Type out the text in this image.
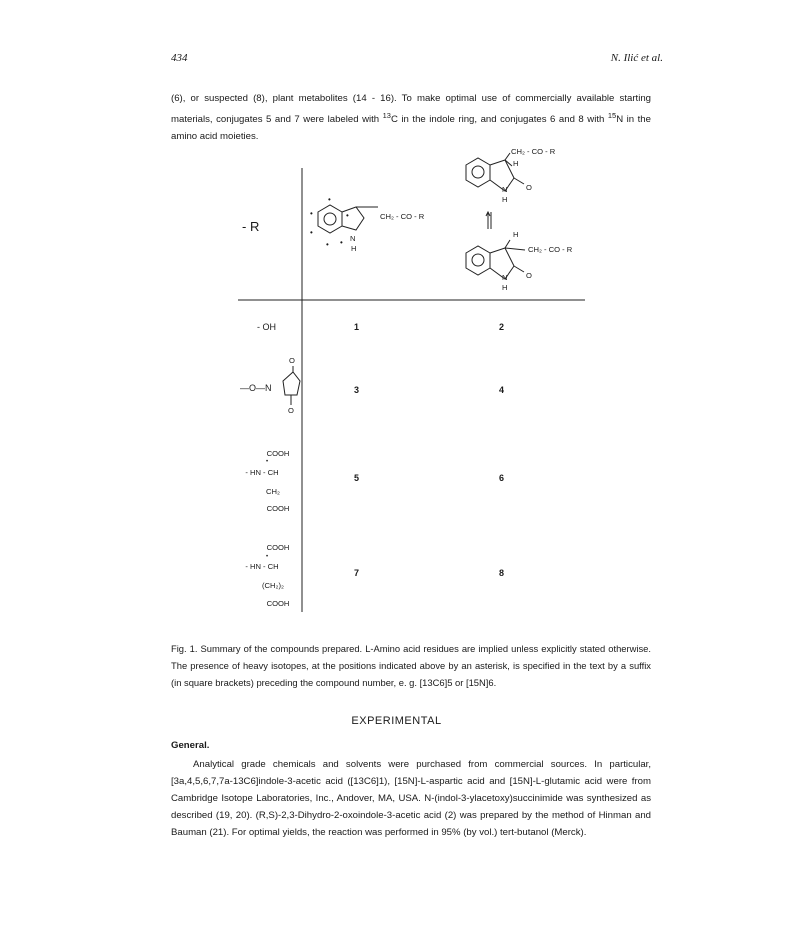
434	N. Ilić et al.

(6), or suspected (8), plant metabolites (14 - 16). To make optimal use of commercially available starting materials, conjugates 5 and 7 were labeled with $^{13}$C in the indole ring, and conjugates 6 and 8 with $^{15}$N in the amino acid moieties.

•
•
•
• •
•
- R
CH₂ - CO - R
N
H
CH₂ - CO - R
H
N
H
O
H
CH₂ - CO - R
N
H
O
- OH	1	2
O
—O—N
O
3	4
COOH
•
- HN - CH
CH₂
COOH
5	6
COOH
•
- HN - CH
(CH₂)₂
COOH
7	8
Fig. 1. Summary of the compounds prepared. L-Amino acid residues are implied unless explicitly stated otherwise. The presence of heavy isotopes, at the positions indicated above by an asterisk, is specified in the text by a suffix (in square brackets) preceding the compound number, e. g. [13C6]5 or [15N]6.
EXPERIMENTAL
General.
Analytical grade chemicals and solvents were purchased from commercial sources. In particular, [3a,4,5,6,7,7a-13C6]indole-3-acetic acid ([13C6]1), [15N]-L-aspartic acid and [15N]-L-glutamic acid were from Cambridge Isotope Laboratories, Inc., Andover, MA, USA. N-(indol-3-ylacetoxy)succinimide was synthesized as described (19, 20). (R,S)-2,3-Dihydro-2-oxoindole-3-acetic acid (2) was prepared by the method of Hinman and Bauman (21). For optimal yields, the reaction was performed in 95% (by vol.) tert-butanol (Merck).
